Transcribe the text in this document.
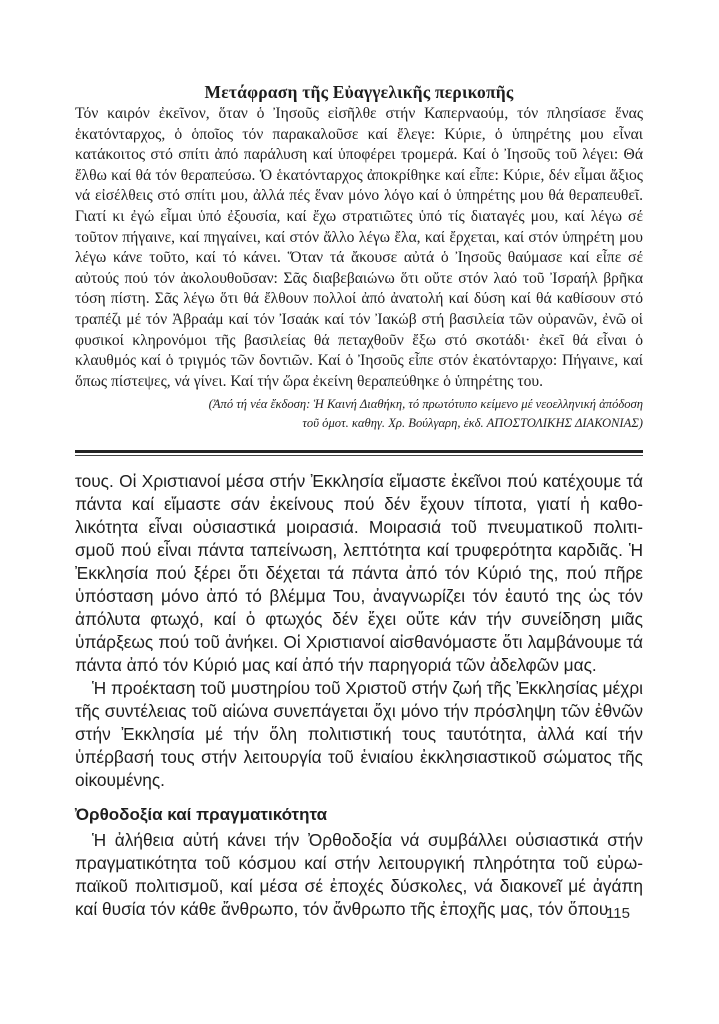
Μετάφραση τῆς Εὐαγγελικῆς περικοπῆς

Τόν καιρόν ἐκεῖνον, ὅταν ὁ Ἰησοῦς εἰσῆλθε στήν Καπερναούμ, τόν πλησίασε ἕνας ἑκατόνταρχος, ὁ ὁποῖος τόν παρακαλοῦσε καί ἔλεγε: Κύριε, ὁ ὑπηρέτης μου εἶναι κατάκοιτος στό σπίτι ἀπό παράλυση καί ὑποφέρει τρομερά. Καί ὁ Ἰησοῦς τοῦ λέγει: Θά ἔλθω καί θά τόν θεραπεύσω. Ὁ ἑκατόνταρχος ἀποκρίθηκε καί εἶπε: Κύριε, δέν εἶμαι ἄξιος νά εἰσέλθεις στό σπίτι μου, ἀλλά πές ἕναν μόνο λόγο καί ὁ ὑπηρέτης μου θά θεραπευθεῖ. Γιατί κι ἐγώ εἶμαι ὑπό ἐξουσία, καί ἔχω στρατιῶτες ὑπό τίς διαταγές μου, καί λέγω σέ τοῦτον πήγαινε, καί πηγαίνει, καί στόν ἄλλο λέγω ἔλα, καί ἔρχεται, καί στόν ὑπηρέτη μου λέγω κάνε τοῦτο, καί τό κάνει. Ὅταν τά ἄκουσε αὐτά ὁ Ἰησοῦς θαύμασε καί εἶπε σέ αὐτούς πού τόν ἀκολουθοῦσαν: Σᾶς διαβεβαιώνω ὅτι οὔτε στόν λαό τοῦ Ἰσραήλ βρῆκα τόση πίστη. Σᾶς λέγω ὅτι θά ἔλθουν πολλοί ἀπό ἀνατολή καί δύση καί θά καθίσουν στό τραπέζι μέ τόν Ἀβραάμ καί τόν Ἰσαάκ καί τόν Ἰακώβ στή βασιλεία τῶν οὐρανῶν, ἐνῶ οἱ φυσικοί κληρονόμοι τῆς βασιλείας θά πεταχθοῦν ἔξω στό σκοτάδι· ἐκεῖ θά εἶναι ὁ κλαυθμός καί ὁ τριγμός τῶν δοντιῶν. Καί ὁ Ἰησοῦς εἶπε στόν ἑκατόνταρχο: Πήγαινε, καί ὅπως πίστεψες, νά γίνει. Καί τήν ὥρα ἐκείνη θεραπεύθηκε ὁ ὑπηρέτης του.

(Ἀπό τή νέα ἔκδοση: Ἡ Καινή Διαθήκη, τό πρωτότυπο κείμενο μέ νεοελληνική ἀπόδοση
τοῦ ὁμοτ. καθηγ. Χρ. Βούλγαρη, ἐκδ. ΑΠΟΣΤΟΛΙΚΗΣ ΔΙΑΚΟΝΙΑΣ)

τους. Οἱ Χριστιανοί μέσα στήν Ἐκκλησία εἴμαστε ἐκεῖνοι πού κατέχουμε τά πάντα καί εἴμαστε σάν ἐκείνους πού δέν ἔχουν τίποτα, γιατί ἡ καθο-λικότητα εἶναι οὐσιαστικά μοιρασιά. Μοιρασιά τοῦ πνευματικοῦ πολιτι-σμοῦ πού εἶναι πάντα ταπείνωση, λεπτότητα καί τρυφερότητα καρδιᾶς. Ἡ Ἐκκλησία πού ξέρει ὅτι δέχεται τά πάντα ἀπό τόν Κύριό της, πού πῆρε ὑπόσταση μόνο ἀπό τό βλέμμα Του, ἀναγνωρίζει τόν ἑαυτό της ὡς τόν ἀπόλυτα φτωχό, καί ὁ φτωχός δέν ἔχει οὔτε κάν τήν συνείδηση μιᾶς ὑπάρξεως πού τοῦ ἀνήκει. Οἱ Χριστιανοί αἰσθανόμαστε ὅτι λαμβάνουμε τά πάντα ἀπό τόν Κύριό μας καί ἀπό τήν παρηγοριά τῶν ἀδελφῶν μας.

Ἡ προέκταση τοῦ μυστηρίου τοῦ Χριστοῦ στήν ζωή τῆς Ἐκκλησίας μέχρι τῆς συντέλειας τοῦ αἰώνα συνεπάγεται ὄχι μόνο τήν πρόσληψη τῶν ἐθνῶν στήν Ἐκκλησία μέ τήν ὅλη πολιτιστική τους ταυτότητα, ἀλλά καί τήν ὑπέρβασή τους στήν λειτουργία τοῦ ἑνιαίου ἐκκλησιαστικοῦ σώματος τῆς οἰκουμένης.

Ὀρθοδοξία καί πραγματικότητα

Ἡ ἀλήθεια αὐτή κάνει τήν Ὀρθοδοξία νά συμβάλλει οὐσιαστικά στήν πραγματικότητα τοῦ κόσμου καί στήν λειτουργική πληρότητα τοῦ εὐρω-παϊκοῦ πολιτισμοῦ, καί μέσα σέ ἐποχές δύσκολες, νά διακονεῖ μέ ἀγάπη καί θυσία τόν κάθε ἄνθρωπο, τόν ἄνθρωπο τῆς ἐποχῆς μας, τόν ὅπου

115
